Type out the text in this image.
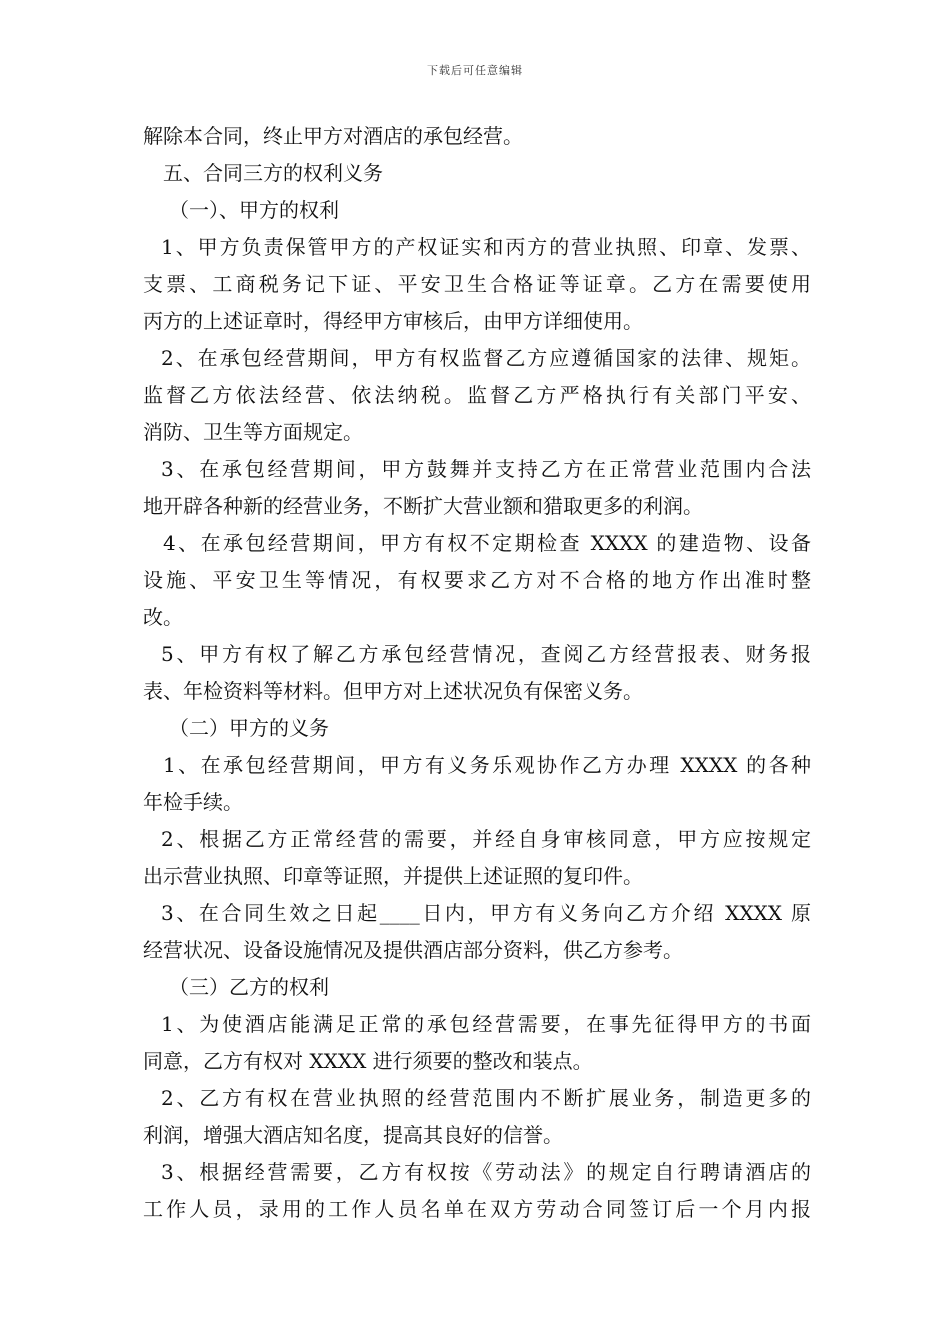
下载后可任意编辑
解除本合同，终止甲方对酒店的承包经营。
五、合同三方的权利义务
（一）、甲方的权利
1、甲方负责保管甲方的产权证实和丙方的营业执照、印章、发票、
支票、工商税务记下证、平安卫生合格证等证章。乙方在需要使用
丙方的上述证章时，得经甲方审核后，由甲方详细使用。
2、在承包经营期间，甲方有权监督乙方应遵循国家的法律、规矩。
监督乙方依法经营、依法纳税。监督乙方严格执行有关部门平安、
消防、卫生等方面规定。
3、在承包经营期间，甲方鼓舞并支持乙方在正常营业范围内合法
地开辟各种新的经营业务，不断扩大营业额和猎取更多的利润。
4、在承包经营期间，甲方有权不定期检查 XXXX 的建造物、设备
设施、平安卫生等情况，有权要求乙方对不合格的地方作出准时整
改。
5、甲方有权了解乙方承包经营情况，查阅乙方经营报表、财务报
表、年检资料等材料。但甲方对上述状况负有保密义务。
（二）甲方的义务
1、在承包经营期间，甲方有义务乐观协作乙方办理 XXXX 的各种
年检手续。
2、根据乙方正常经营的需要，并经自身审核同意，甲方应按规定
出示营业执照、印章等证照，并提供上述证照的复印件。
3、在合同生效之日起____日内，甲方有义务向乙方介绍 XXXX 原
经营状况、设备设施情况及提供酒店部分资料，供乙方参考。
（三）乙方的权利
1、为使酒店能满足正常的承包经营需要，在事先征得甲方的书面
同意，乙方有权对 XXXX 进行须要的整改和装点。
2、乙方有权在营业执照的经营范围内不断扩展业务，制造更多的
利润，增强大酒店知名度，提高其良好的信誉。
3、根据经营需要，乙方有权按《劳动法》的规定自行聘请酒店的
工作人员，录用的工作人员名单在双方劳动合同签订后一个月内报
